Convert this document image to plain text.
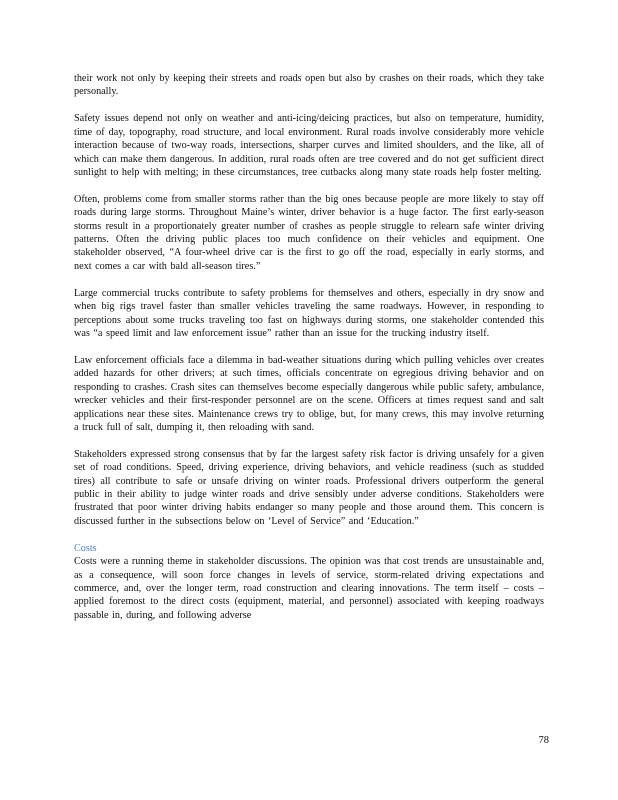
their work not only by keeping their streets and roads open but also by crashes on their roads, which they take personally.

Safety issues depend not only on weather and anti-icing/deicing practices, but also on temperature, humidity, time of day, topography, road structure, and local environment. Rural roads involve considerably more vehicle interaction because of two-way roads, intersections, sharper curves and limited shoulders, and the like, all of which can make them dangerous. In addition, rural roads often are tree covered and do not get sufficient direct sunlight to help with melting; in these circumstances, tree cutbacks along many state roads help foster melting.

Often, problems come from smaller storms rather than the big ones because people are more likely to stay off roads during large storms. Throughout Maine’s winter, driver behavior is a huge factor. The first early-season storms result in a proportionately greater number of crashes as people struggle to relearn safe winter driving patterns. Often the driving public places too much confidence on their vehicles and equipment. One stakeholder observed, “A four-wheel drive car is the first to go off the road, especially in early storms, and next comes a car with bald all-season tires.”

Large commercial trucks contribute to safety problems for themselves and others, especially in dry snow and when big rigs travel faster than smaller vehicles traveling the same roadways. However, in responding to perceptions about some trucks traveling too fast on highways during storms, one stakeholder contended this was “a speed limit and law enforcement issue” rather than an issue for the trucking industry itself.

Law enforcement officials face a dilemma in bad-weather situations during which pulling vehicles over creates added hazards for other drivers; at such times, officials concentrate on egregious driving behavior and on responding to crashes. Crash sites can themselves become especially dangerous while public safety, ambulance, wrecker vehicles and their first-responder personnel are on the scene. Officers at times request sand and salt applications near these sites. Maintenance crews try to oblige, but, for many crews, this may involve returning a truck full of salt, dumping it, then reloading with sand.

Stakeholders expressed strong consensus that by far the largest safety risk factor is driving unsafely for a given set of road conditions. Speed, driving experience, driving behaviors, and vehicle readiness (such as studded tires) all contribute to safe or unsafe driving on winter roads. Professional drivers outperform the general public in their ability to judge winter roads and drive sensibly under adverse conditions. Stakeholders were frustrated that poor winter driving habits endanger so many people and those around them. This concern is discussed further in the subsections below on ‘Level of Service” and ‘Education.”

Costs

Costs were a running theme in stakeholder discussions. The opinion was that cost trends are unsustainable and, as a consequence, will soon force changes in levels of service, storm-related driving expectations and commerce, and, over the longer term, road construction and clearing innovations. The term itself – costs – applied foremost to the direct costs (equipment, material, and personnel) associated with keeping roadways passable in, during, and following adverse

78
